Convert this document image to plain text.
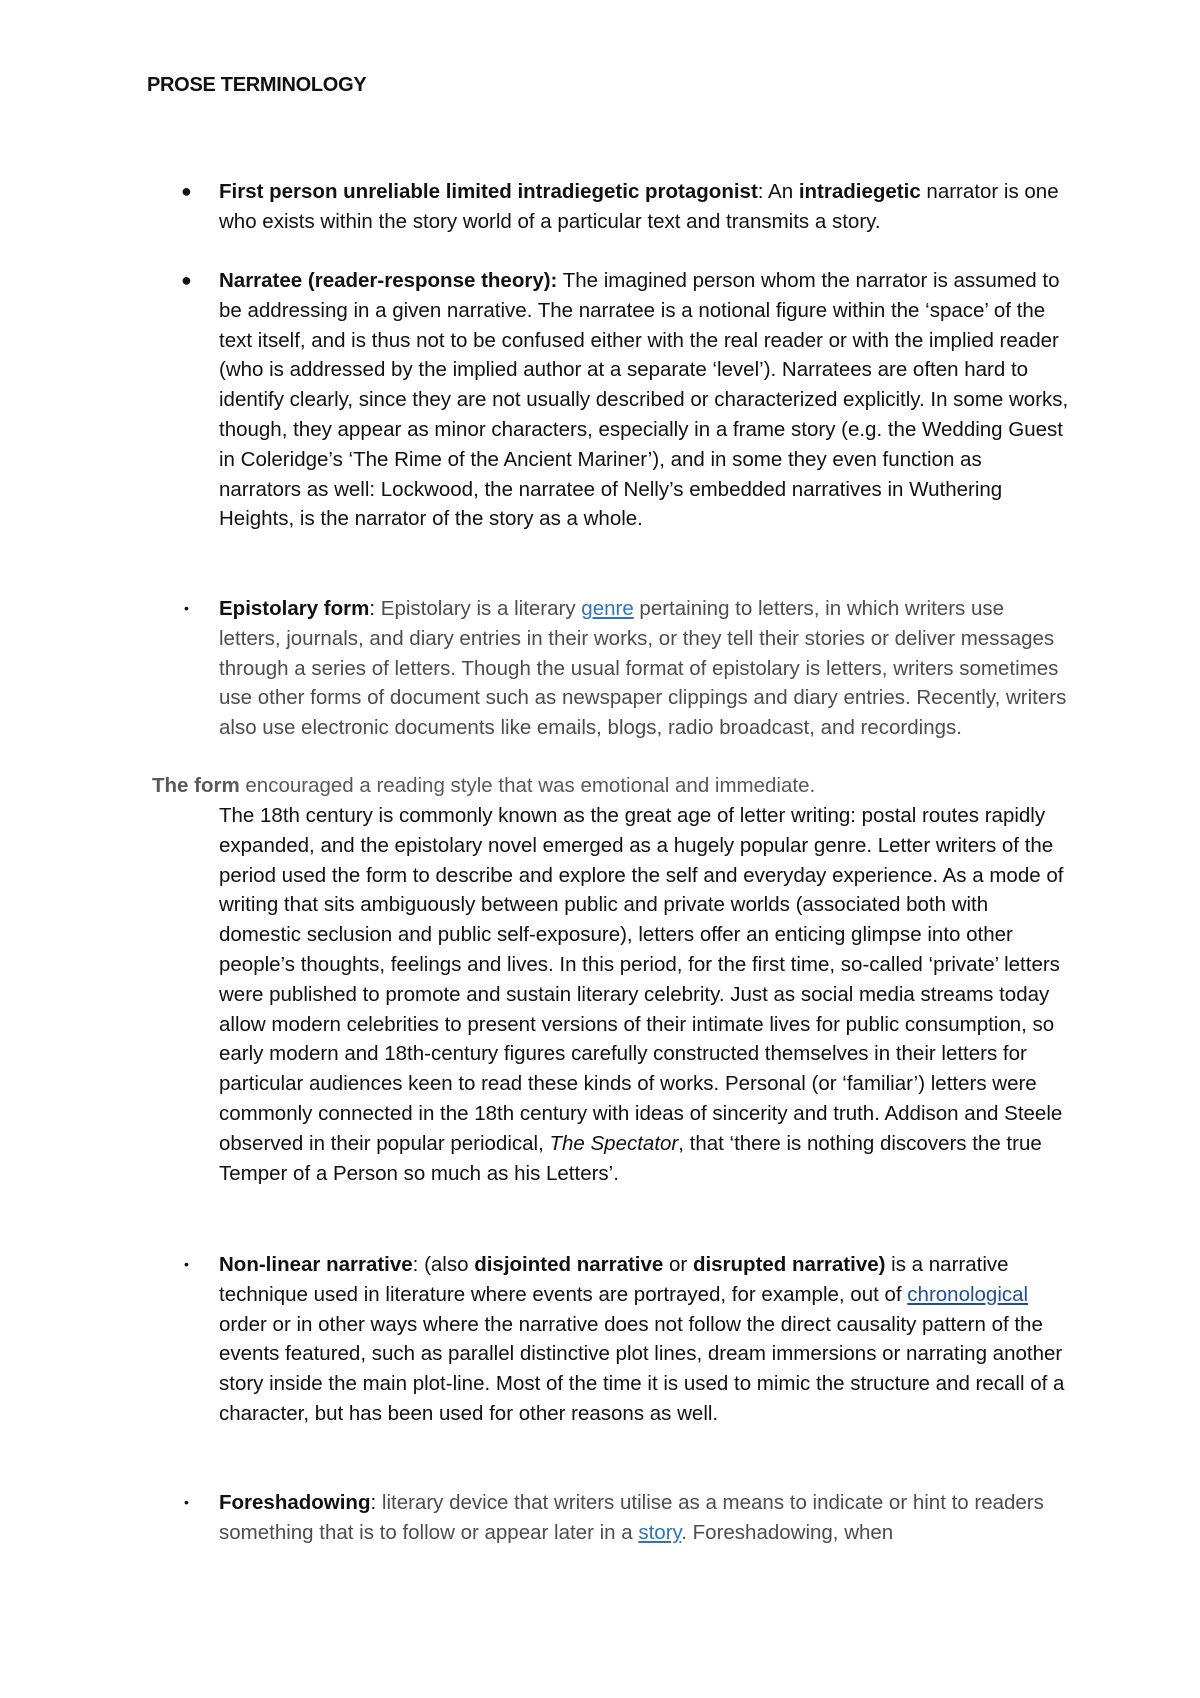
PROSE TERMINOLOGY
● First person unreliable limited intradiegetic protagonist: An intradiegetic narrator is one who exists within the story world of a particular text and transmits a story.
● Narratee (reader-response theory): The imagined person whom the narrator is assumed to be addressing in a given narrative. The narratee is a notional figure within the ‘space’ of the text itself, and is thus not to be confused either with the real reader or with the implied reader (who is addressed by the implied author at a separate ‘level’). Narratees are often hard to identify clearly, since they are not usually described or characterized explicitly. In some works, though, they appear as minor characters, especially in a frame story (e.g. the Wedding Guest in Coleridge’s ‘The Rime of the Ancient Mariner’), and in some they even function as narrators as well: Lockwood, the narratee of Nelly’s embedded narratives in Wuthering Heights, is the narrator of the story as a whole.
• Epistolary form: Epistolary is a literary genre pertaining to letters, in which writers use letters, journals, and diary entries in their works, or they tell their stories or deliver messages through a series of letters. Though the usual format of epistolary is letters, writers sometimes use other forms of document such as newspaper clippings and diary entries. Recently, writers also use electronic documents like emails, blogs, radio broadcast, and recordings.
The form encouraged a reading style that was emotional and immediate.
The 18th century is commonly known as the great age of letter writing: postal routes rapidly expanded, and the epistolary novel emerged as a hugely popular genre. Letter writers of the period used the form to describe and explore the self and everyday experience. As a mode of writing that sits ambiguously between public and private worlds (associated both with domestic seclusion and public self-exposure), letters offer an enticing glimpse into other people’s thoughts, feelings and lives. In this period, for the first time, so-called ‘private’ letters were published to promote and sustain literary celebrity. Just as social media streams today allow modern celebrities to present versions of their intimate lives for public consumption, so early modern and 18th-century figures carefully constructed themselves in their letters for particular audiences keen to read these kinds of works. Personal (or ‘familiar’) letters were commonly connected in the 18th century with ideas of sincerity and truth. Addison and Steele observed in their popular periodical, The Spectator, that ‘there is nothing discovers the true Temper of a Person so much as his Letters’.
• Non-linear narrative: (also disjointed narrative or disrupted narrative) is a narrative technique used in literature where events are portrayed, for example, out of chronological order or in other ways where the narrative does not follow the direct causality pattern of the events featured, such as parallel distinctive plot lines, dream immersions or narrating another story inside the main plot-line. Most of the time it is used to mimic the structure and recall of a character, but has been used for other reasons as well.
• Foreshadowing: literary device that writers utilise as a means to indicate or hint to readers something that is to follow or appear later in a story. Foreshadowing, when
